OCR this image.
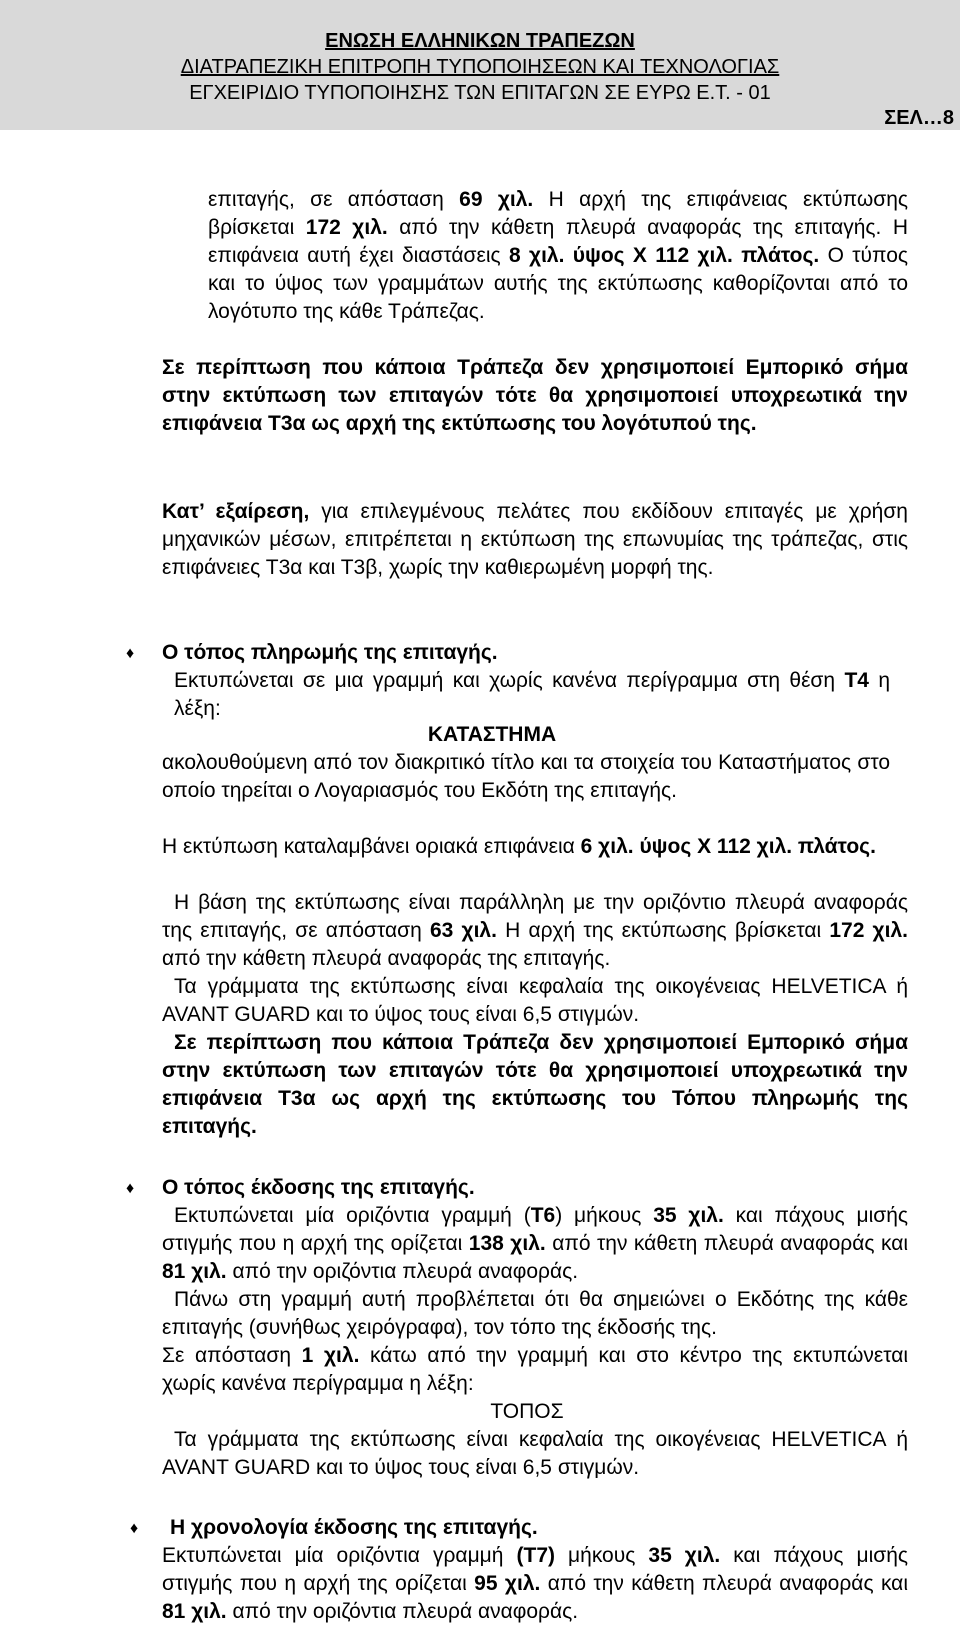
ΕΝΩΣΗ ΕΛΛΗΝΙΚΩΝ ΤΡΑΠΕΖΩΝ
ΔΙΑΤΡΑΠΕΖΙΚΗ ΕΠΙΤΡΟΠΗ ΤΥΠΟΠΟΙΗΣΕΩΝ ΚΑΙ ΤΕΧΝΟΛΟΓΙΑΣ
ΕΓΧΕΙΡΙΔΙΟ ΤΥΠΟΠΟΙΗΣΗΣ ΤΩΝ ΕΠΙΤΑΓΩΝ ΣΕ ΕΥΡΩ Ε.Τ. - 01
ΣΕΛ…8

επιταγής, σε απόσταση 69 χιλ. Η αρχή της επιφάνειας εκτύπωσης βρίσκεται 172 χιλ. από την κάθετη πλευρά αναφοράς της επιταγής. Η επιφάνεια αυτή έχει διαστάσεις 8 χιλ. ύψος Χ 112 χιλ. πλάτος. Ο τύπος και το ύψος των γραμμάτων αυτής της εκτύπωσης καθορίζονται από το λογότυπο της κάθε Τράπεζας.

Σε περίπτωση που κάποια Τράπεζα δεν χρησιμοποιεί Εμπορικό σήμα στην εκτύπωση των επιταγών τότε θα χρησιμοποιεί υποχρεωτικά την επιφάνεια Τ3α ως αρχή της εκτύπωσης του λογότυπού της.

Κατ’ εξαίρεση, για επιλεγμένους πελάτες που εκδίδουν επιταγές με χρήση μηχανικών μέσων, επιτρέπεται η εκτύπωση της επωνυμίας της τράπεζας, στις επιφάνειες Τ3α και Τ3β, χωρίς την καθιερωμένη μορφή της.

♦ Ο τόπος πληρωμής της επιταγής.

Εκτυπώνεται σε μια γραμμή και χωρίς κανένα περίγραμμα στη θέση Τ4 η λέξη:

ΚΑΤΑΣΤΗΜΑ

ακολουθούμενη από τον διακριτικό τίτλο και τα στοιχεία του Καταστήματος στο οποίο τηρείται ο Λογαριασμός του Εκδότη της επιταγής.

Η εκτύπωση καταλαμβάνει οριακά επιφάνεια 6 χιλ. ύψος Χ 112 χιλ. πλάτος.

Η βάση της εκτύπωσης είναι παράλληλη με την οριζόντιο πλευρά αναφοράς της επιταγής, σε απόσταση 63 χιλ. Η αρχή της εκτύπωσης βρίσκεται 172 χιλ. από την κάθετη πλευρά αναφοράς της επιταγής.

Τα γράμματα της εκτύπωσης είναι κεφαλαία της οικογένειας HELVETICA ή AVANT GUARD και το ύψος τους είναι 6,5 στιγμών.

Σε περίπτωση που κάποια Τράπεζα δεν χρησιμοποιεί Εμπορικό σήμα στην εκτύπωση των επιταγών τότε θα χρησιμοποιεί υποχρεωτικά την επιφάνεια Τ3α ως αρχή της εκτύπωσης του Τόπου πληρωμής της επιταγής.

♦ Ο τόπος έκδοσης της επιταγής.

Εκτυπώνεται μία οριζόντια γραμμή (Τ6) μήκους 35 χιλ. και πάχους μισής στιγμής που η αρχή της ορίζεται 138 χιλ. από την κάθετη πλευρά αναφοράς και 81 χιλ. από την οριζόντια πλευρά αναφοράς.

Πάνω στη γραμμή αυτή προβλέπεται ότι θα σημειώνει ο Εκδότης της κάθε επιταγής (συνήθως χειρόγραφα), τον τόπο της έκδοσής της.

Σε απόσταση 1 χιλ. κάτω από την γραμμή και στο κέντρο της εκτυπώνεται χωρίς κανένα περίγραμμα η λέξη:

ΤΟΠΟΣ

Τα γράμματα της εκτύπωσης είναι κεφαλαία της οικογένειας HELVETICA ή AVANT GUARD και το ύψος τους είναι 6,5 στιγμών.

♦ Η χρονολογία έκδοσης της επιταγής.

Εκτυπώνεται μία οριζόντια γραμμή (Τ7) μήκους 35 χιλ. και πάχους μισής στιγμής που η αρχή της ορίζεται 95 χιλ. από την κάθετη πλευρά αναφοράς και 81 χιλ. από την οριζόντια πλευρά αναφοράς.
